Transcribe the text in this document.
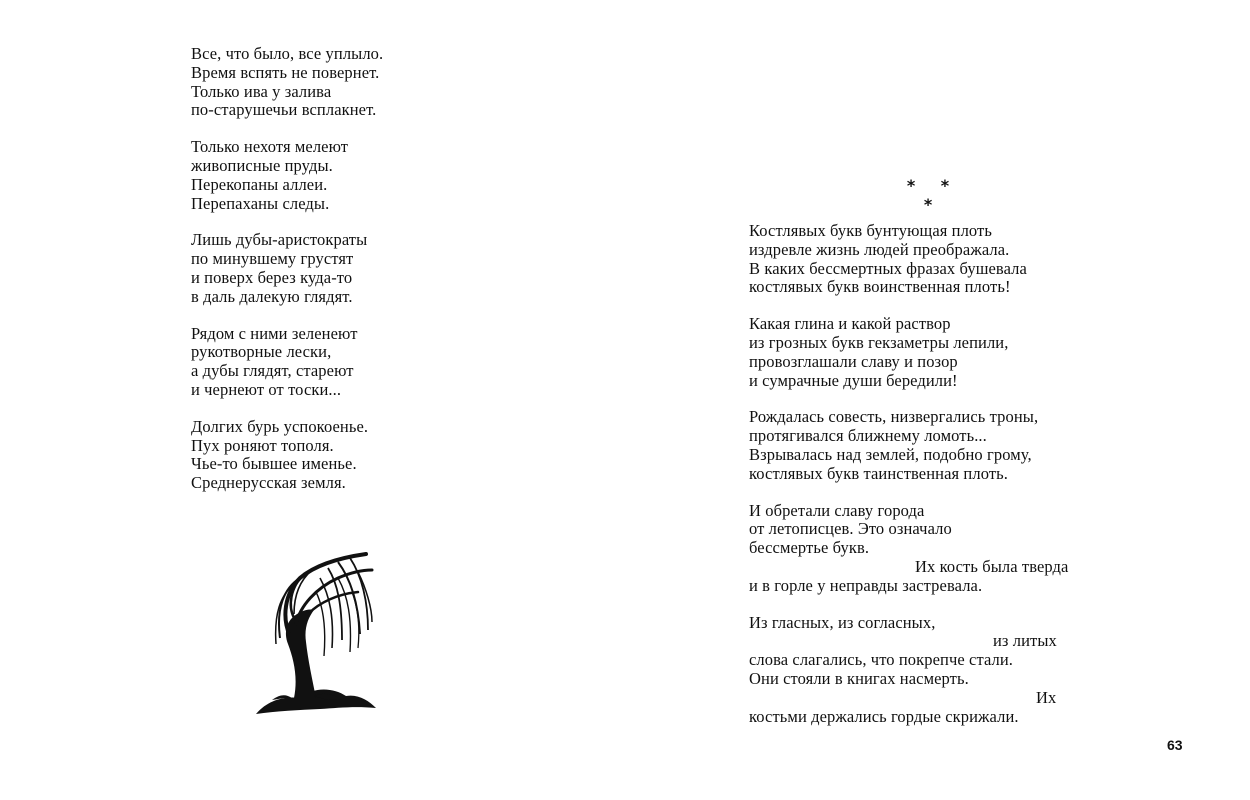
Все, что было, все уплыло.
Время вспять не повернет.
Только ива у залива
по-старушечьи всплакнет.
Только нехотя мелеют
живописные пруды.
Перекопаны аллеи.
Перепаханы следы.
Лишь дубы-аристократы
по минувшему грустят
и поверх берез куда-то
в даль далекую глядят.
Рядом с ними зеленеют
рукотворные лески,
а дубы глядят, стареют
и чернеют от тоски...
Долгих бурь успокоенье.
Пух роняют тополя.
Чье-то бывшее именье.
Среднерусская земля.
* * *
Костлявых букв бунтующая плоть
издревле жизнь людей преображала.
В каких бессмертных фразах бушевала
костлявых букв воинственная плоть!
Какая глина и какой раствор
из грозных букв гекзаметры лепили,
провозглашали славу и позор
и сумрачные души бередили!
Рождалась совесть, низвергались троны,
протягивался ближнему ломоть...
Взрывалась над землей, подобно грому,
костлявых букв таинственная плоть.
И обретали славу города
от летописцев. Это означало
бессмертье букв.
Их кость была тверда
и в горле у неправды застревала.
Из гласных, из согласных,
из литых
слова слагались, что покрепче стали.
Они стояли в книгах насмерть.
Их
костьми держались гордые скрижали.
63
